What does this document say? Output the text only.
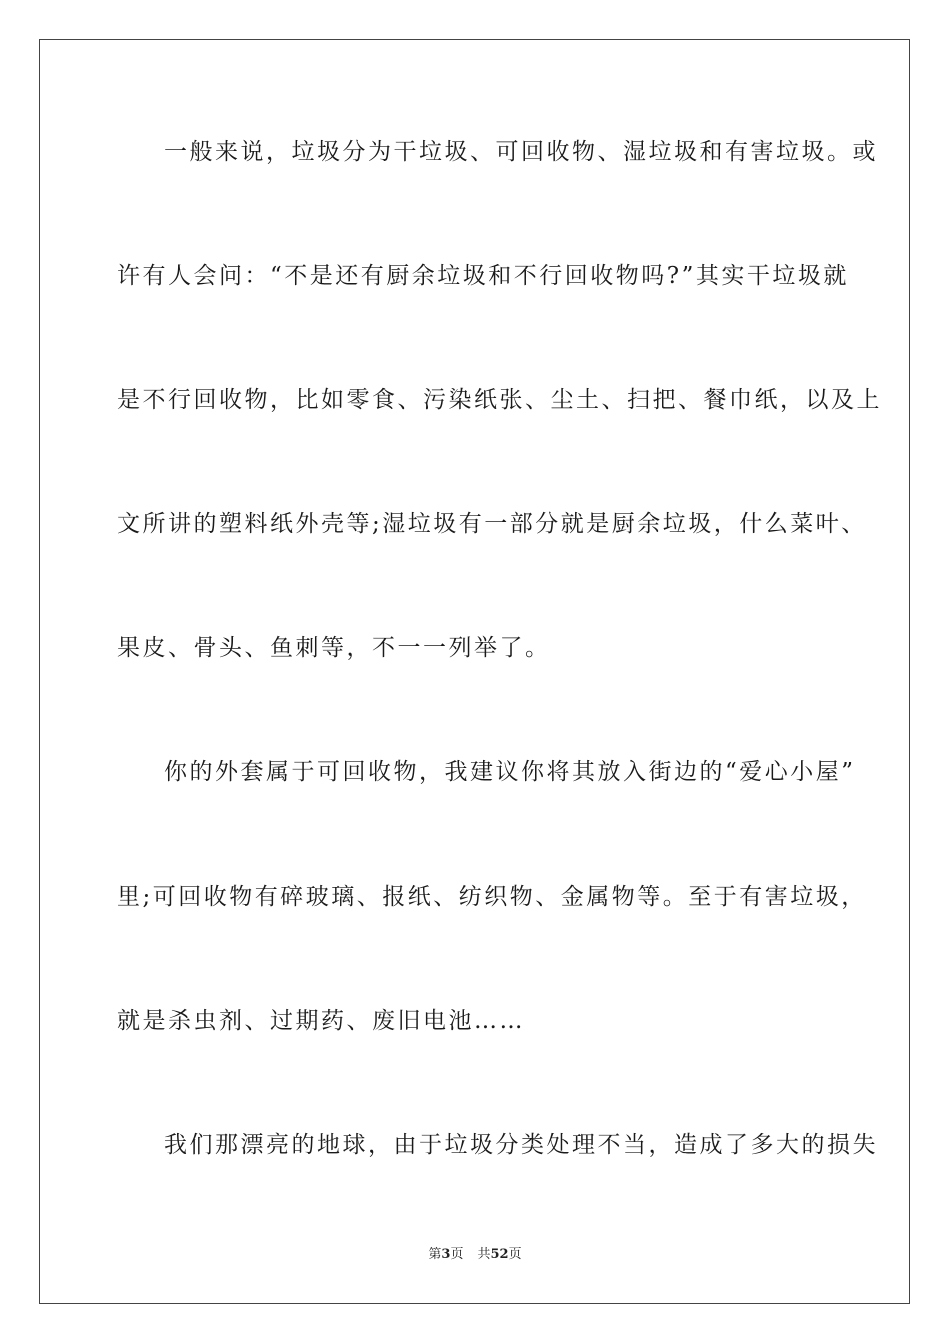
一般来说，垃圾分为干垃圾、可回收物、湿垃圾和有害垃圾。或
许有人会问：“不是还有厨余垃圾和不行回收物吗?”其实干垃圾就
是不行回收物，比如零食、污染纸张、尘土、扫把、餐巾纸，以及上
文所讲的塑料纸外壳等;湿垃圾有一部分就是厨余垃圾，什么菜叶、
果皮、骨头、鱼刺等，不一一列举了。
你的外套属于可回收物，我建议你将其放入街边的“爱心小屋”
里;可回收物有碎玻璃、报纸、纺织物、金属物等。至于有害垃圾，
就是杀虫剂、过期药、废旧电池……
我们那漂亮的地球，由于垃圾分类处理不当，造成了多大的损失
第3页 共52页
